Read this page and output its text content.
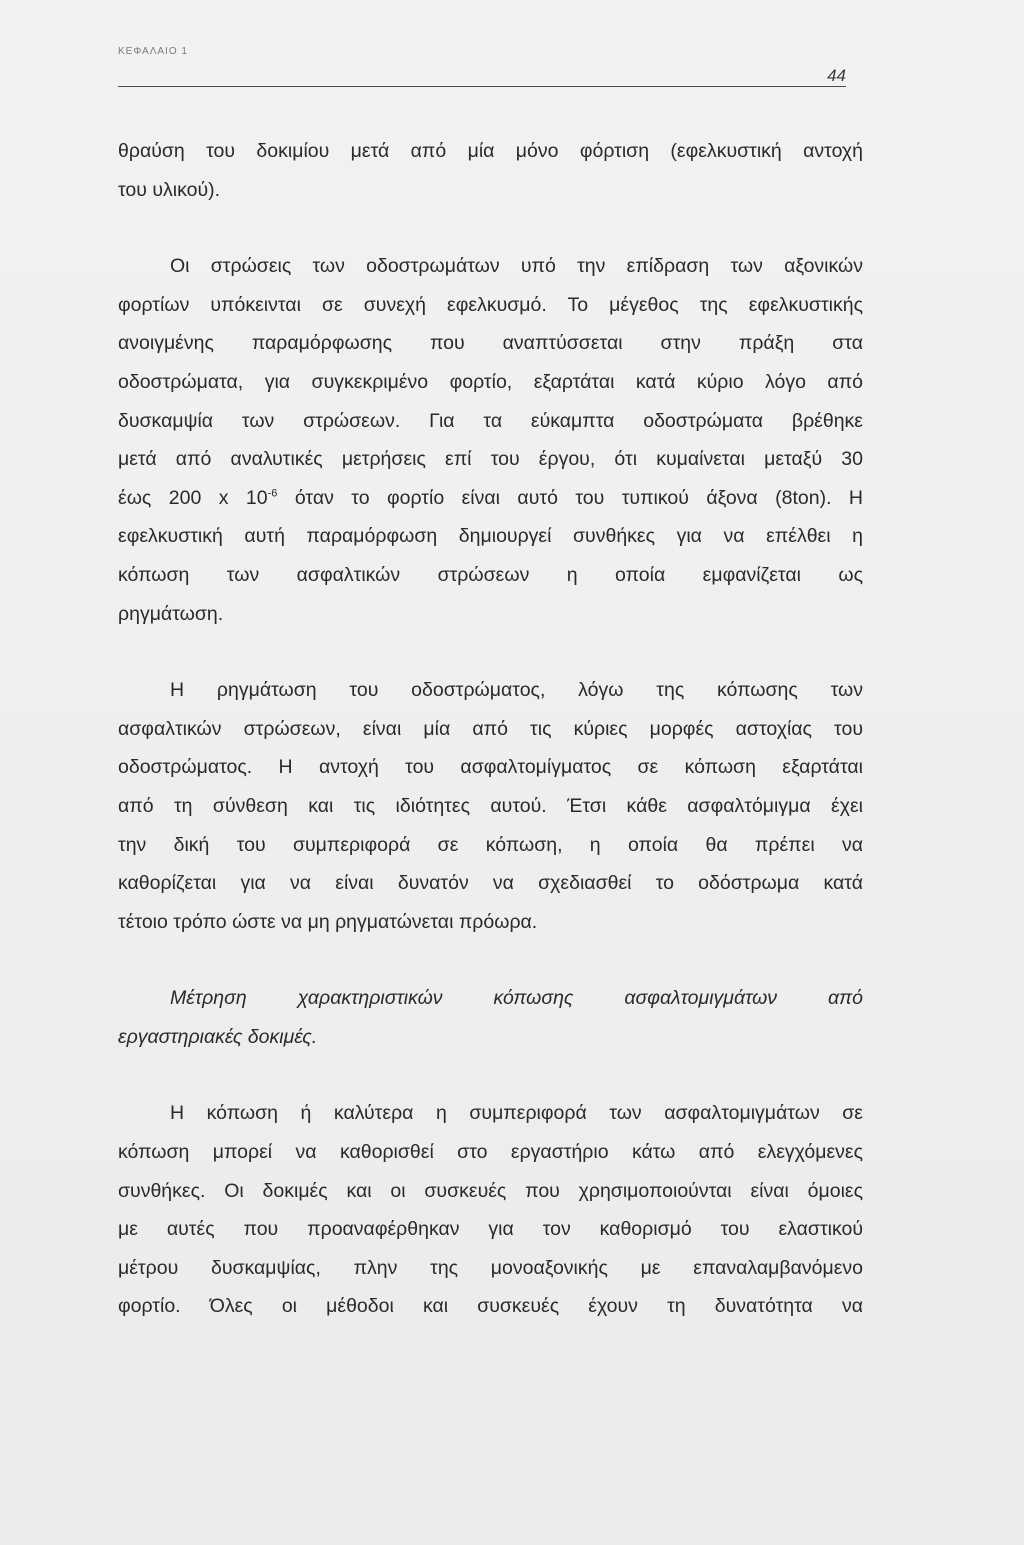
ΚΕΦΑΛΑΙΟ 1
44

θραύση του δοκιμίου μετά από μία μόνο φόρτιση (εφελκυστική αντοχή
του υλικού).

Οι στρώσεις των οδοστρωμάτων υπό την επίδραση των αξονικών
φορτίων υπόκεινται σε συνεχή εφελκυσμό. Το μέγεθος της εφελκυστικής
ανοιγμένης παραμόρφωσης που αναπτύσσεται στην πράξη στα
οδοστρώματα, για συγκεκριμένο φορτίο, εξαρτάται κατά κύριο λόγο από
δυσκαμψία των στρώσεων. Για τα εύκαμπτα οδοστρώματα βρέθηκε
μετά από αναλυτικές μετρήσεις επί του έργου, ότι κυμαίνεται μεταξύ 30
έως 200 x $10^{-6}$ όταν το φορτίο είναι αυτό του τυπικού άξονα (8ton). Η
εφελκυστική αυτή παραμόρφωση δημιουργεί συνθήκες για να επέλθει η
κόπωση των ασφαλτικών στρώσεων η οποία εμφανίζεται ως
ρηγμάτωση.

Η ρηγμάτωση του οδοστρώματος, λόγω της κόπωσης των
ασφαλτικών στρώσεων, είναι μία από τις κύριες μορφές αστοχίας του
οδοστρώματος. Η αντοχή του ασφαλτομίγματος σε κόπωση εξαρτάται
από τη σύνθεση και τις ιδιότητες αυτού. Έτσι κάθε ασφαλτόμιγμα έχει
την δική του συμπεριφορά σε κόπωση, η οποία θα πρέπει να
καθορίζεται για να είναι δυνατόν να σχεδιασθεί το οδόστρωμα κατά
τέτοιο τρόπο ώστε να μη ρηγματώνεται πρόωρα.

Μέτρηση χαρακτηριστικών κόπωσης ασφαλτομιγμάτων από
εργαστηριακές δοκιμές.

Η κόπωση ή καλύτερα η συμπεριφορά των ασφαλτομιγμάτων σε
κόπωση μπορεί να καθορισθεί στο εργαστήριο κάτω από ελεγχόμενες
συνθήκες. Οι δοκιμές και οι συσκευές που χρησιμοποιούνται είναι όμοιες
με αυτές που προαναφέρθηκαν για τον καθορισμό του ελαστικού
μέτρου δυσκαμψίας, πλην της μονοαξονικής με επαναλαμβανόμενο
φορτίο. Όλες οι μέθοδοι και συσκευές έχουν τη δυνατότητα να
